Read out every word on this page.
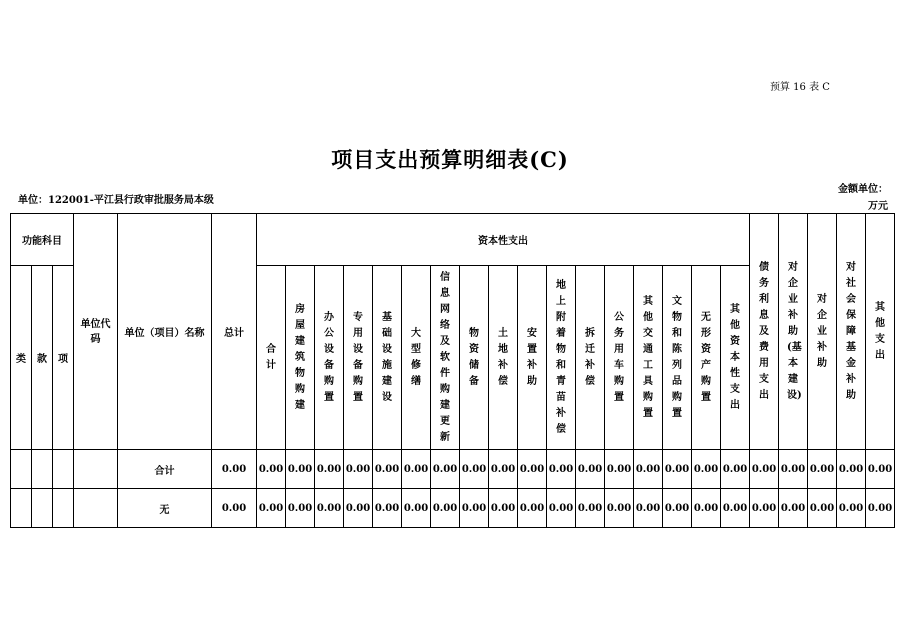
预算 16 表 C
项目支出预算明细表(C)
单位：122001-平江县行政审批服务局本级
金额单位：
万元
功能科目			单位代码	单位（项目）名称	总计	资本性支出																	债务利息及费用支出	对企业补助(基本建设)	对企业补助	对社会保障基金补助	其他支出
类	款	项				合计	房屋建筑物购建	办公设备购置	专用设备购置	基础设施建设	大型修缮	信息网络及软件购建更新	物资储备	土地补偿	安置补助	地上附着物和青苗补偿	拆迁补偿	公务用车购置	其他交通工具购置	文物和陈列品购置	无形资产购置	其他资本性支出					
				合计	0.00	0.00	0.00	0.00	0.00	0.00	0.00	0.00	0.00	0.00	0.00	0.00	0.00	0.00	0.00	0.00	0.00	0.00	0.00	0.00	0.00	0.00	0.00
				无	0.00	0.00	0.00	0.00	0.00	0.00	0.00	0.00	0.00	0.00	0.00	0.00	0.00	0.00	0.00	0.00	0.00	0.00	0.00	0.00	0.00	0.00	0.00
